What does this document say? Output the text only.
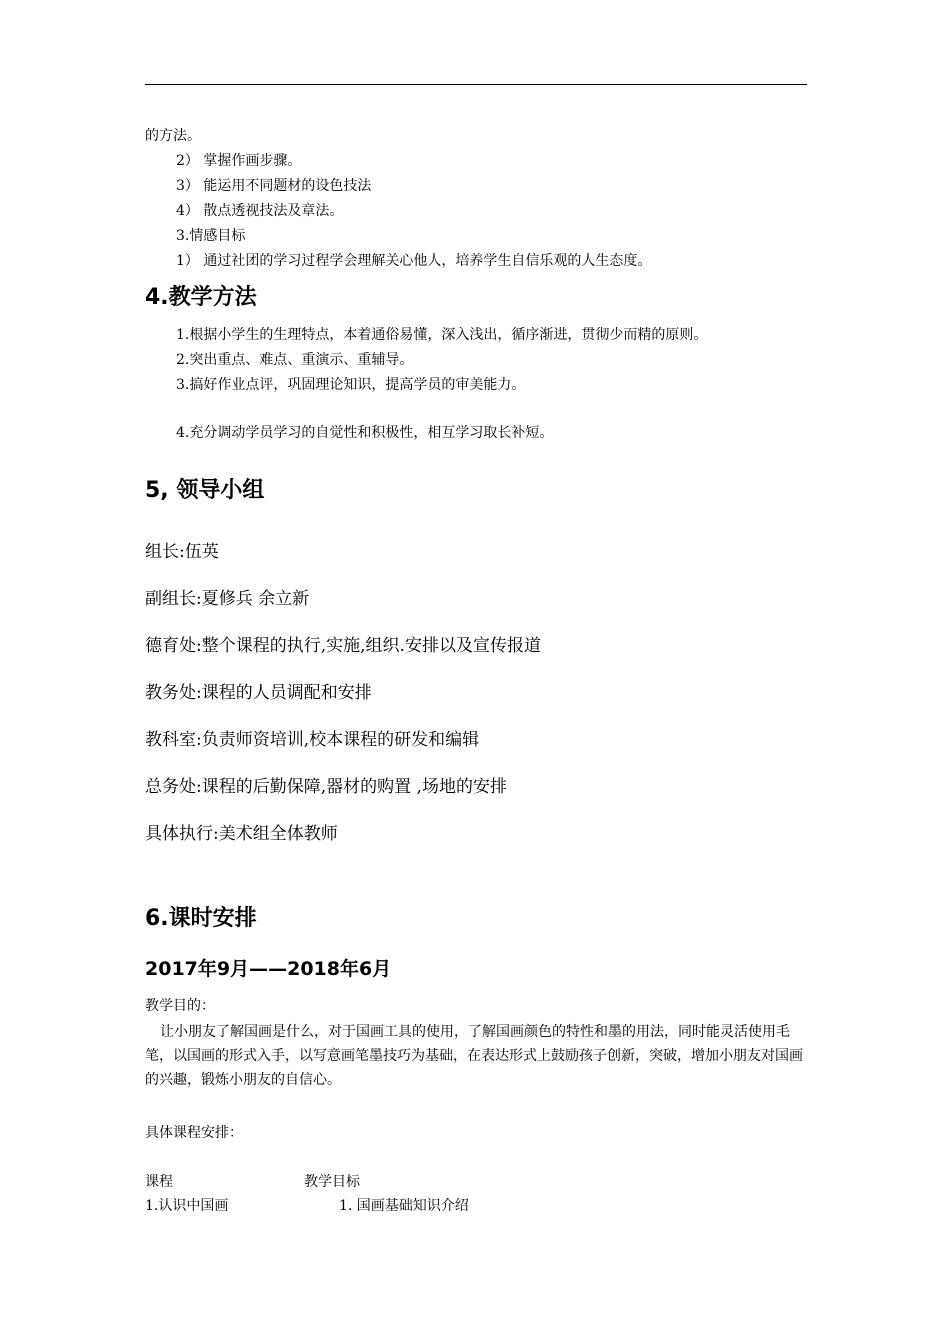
的方法。
2） 掌握作画步骤。
3） 能运用不同题材的设色技法
4） 散点透视技法及章法。
3.情感目标
1） 通过社团的学习过程学会理解关心他人，培养学生自信乐观的人生态度。
4.教学方法
1.根据小学生的生理特点，本着通俗易懂，深入浅出，循序渐进，贯彻少而精的原则。
2.突出重点、难点、重演示、重辅导。
3.搞好作业点评，巩固理论知识，提高学员的审美能力。
4.充分调动学员学习的自觉性和积极性，相互学习取长补短。
5, 领导小组
组长:伍英
副组长:夏修兵 余立新
德育处:整个课程的执行,实施,组织.安排以及宣传报道
教务处:课程的人员调配和安排
教科室:负责师资培训,校本课程的研发和编辑
总务处:课程的后勤保障,器材的购置 ,场地的安排
具体执行:美术组全体教师
6.课时安排
2017年9月——2018年6月
教学目的：
让小朋友了解国画是什么，对于国画工具的使用，了解国画颜色的特性和墨的用法，同时能灵活使用毛笔，以国画的形式入手，以写意画笔墨技巧为基础，在表达形式上鼓励孩子创新，突破，增加小朋友对国画的兴趣，锻炼小朋友的自信心。
具体课程安排：
课程	教学目标
1.认识中国画	1. 国画基础知识介绍
